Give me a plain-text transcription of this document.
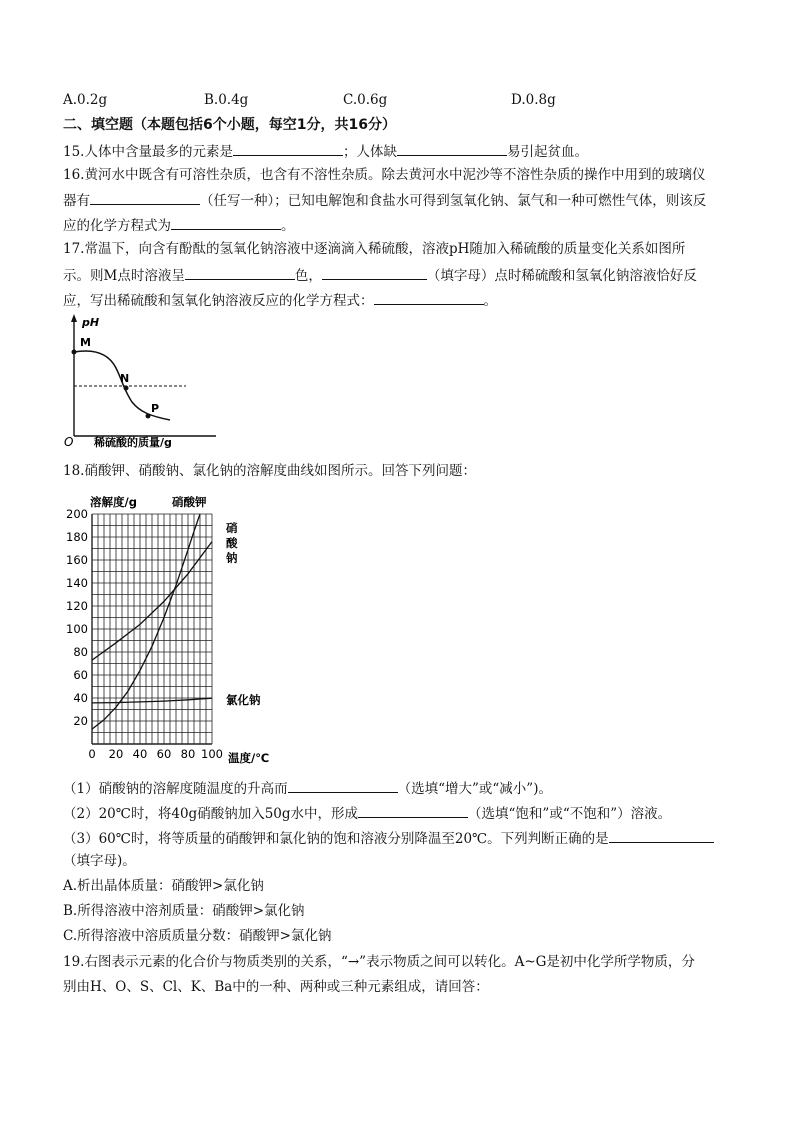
A.0.2g	B.0.4g	C.0.6g	D.0.8g
二、填空题（本题包括6个小题，每空1分，共16分）
15.人体中含量最多的元素是	；人体缺	易引起贫血。
16.黄河水中既含有可溶性杂质，也含有不溶性杂质。除去黄河水中泥沙等不溶性杂质的操作中用到的玻璃仪
器有	（任写一种）；已知电解饱和食盐水可得到氢氧化钠、氯气和一种可燃性气体，则该反
应的化学方程式为	。
17.常温下，向含有酚酞的氢氧化钠溶液中逐滴滴入稀硫酸，溶液pH随加入稀硫酸的质量变化关系如图所
示。则M点时溶液呈	色，	（填字母）点时稀硫酸和氢氧化钠溶液恰好反
应，写出稀硫酸和氢氧化钠溶液反应的化学方程式：	。
pH
O 稀硫酸的质量/g
M
N
P
18.硝酸钾、硝酸钠、氯化钠的溶解度曲线如图所示。回答下列问题：
0 20 40 60 80 100
20
40
60
80
100
120
140
160
180
200
溶解度/g
温度/℃
硝酸钾
氯化钠
硝酸钠
（1）硝酸钠的溶解度随温度的升高而	（选填“增大”或“减小”)。
（2）20℃时，将40g硝酸钠加入50g水中，形成	（选填“饱和”或“不饱和”）溶液。
（3）60℃时，将等质量的硝酸钾和氯化钠的饱和溶液分别降温至20℃。下列判断正确的是
（填字母)。
A.析出晶体质量：硝酸钾>氯化钠
B.所得溶液中溶剂质量：硝酸钾>氯化钠
C.所得溶液中溶质质量分数：硝酸钾>氯化钠
19.右图表示元素的化合价与物质类别的关系，“→”表示物质之间可以转化。A~G是初中化学所学物质，分
别由H、O、S、Cl、K、Ba中的一种、两种或三种元素组成，请回答：
